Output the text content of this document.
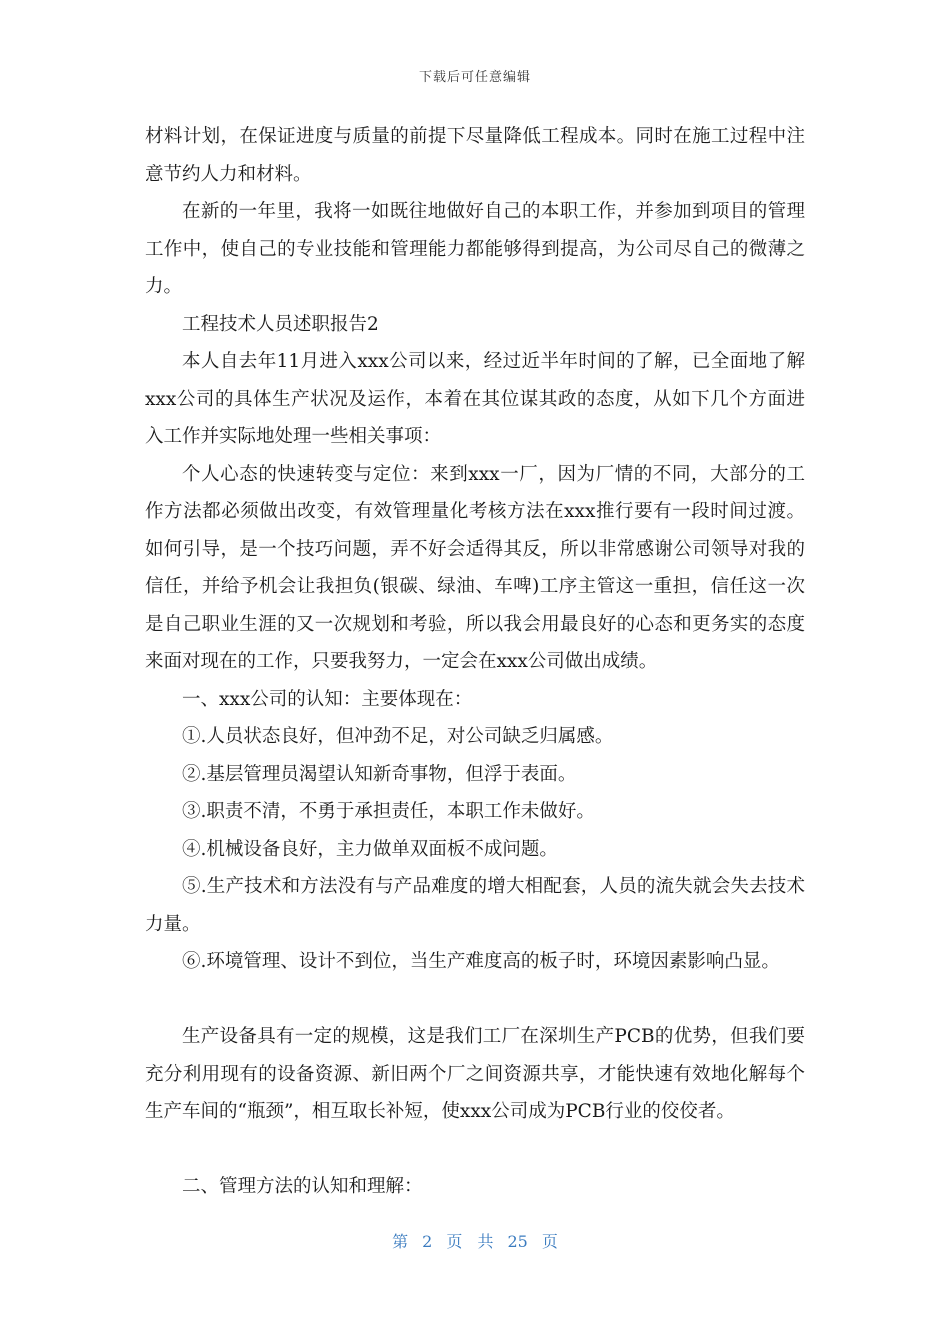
下载后可任意编辑

材料计划，在保证进度与质量的前提下尽量降低工程成本。同时在施工过程中注意节约人力和材料。

在新的一年里，我将一如既往地做好自己的本职工作，并参加到项目的管理工作中，使自己的专业技能和管理能力都能够得到提高，为公司尽自己的微薄之力。

工程技术人员述职报告2

本人自去年11月进入xxx公司以来，经过近半年时间的了解，已全面地了解xxx公司的具体生产状况及运作，本着在其位谋其政的态度，从如下几个方面进入工作并实际地处理一些相关事项：

个人心态的快速转变与定位：来到xxx一厂，因为厂情的不同，大部分的工作方法都必须做出改变，有效管理量化考核方法在xxx推行要有一段时间过渡。如何引导，是一个技巧问题，弄不好会适得其反，所以非常感谢公司领导对我的信任，并给予机会让我担负(银碳、绿油、车啤)工序主管这一重担，信任这一次是自己职业生涯的又一次规划和考验，所以我会用最良好的心态和更务实的态度来面对现在的工作，只要我努力，一定会在xxx公司做出成绩。

一、xxx公司的认知：主要体现在：

①.人员状态良好，但冲劲不足，对公司缺乏归属感。

②.基层管理员渴望认知新奇事物，但浮于表面。

③.职责不清，不勇于承担责任，本职工作未做好。

④.机械设备良好，主力做单双面板不成问题。

⑤.生产技术和方法没有与产品难度的增大相配套，人员的流失就会失去技术力量。

⑥.环境管理、设计不到位，当生产难度高的板子时，环境因素影响凸显。

生产设备具有一定的规模，这是我们工厂在深圳生产PCB的优势，但我们要充分利用现有的设备资源、新旧两个厂之间资源共享，才能快速有效地化解每个生产车间的“瓶颈”，相互取长补短，使xxx公司成为PCB行业的佼佼者。

二、管理方法的认知和理解：

第 2 页 共 25 页
